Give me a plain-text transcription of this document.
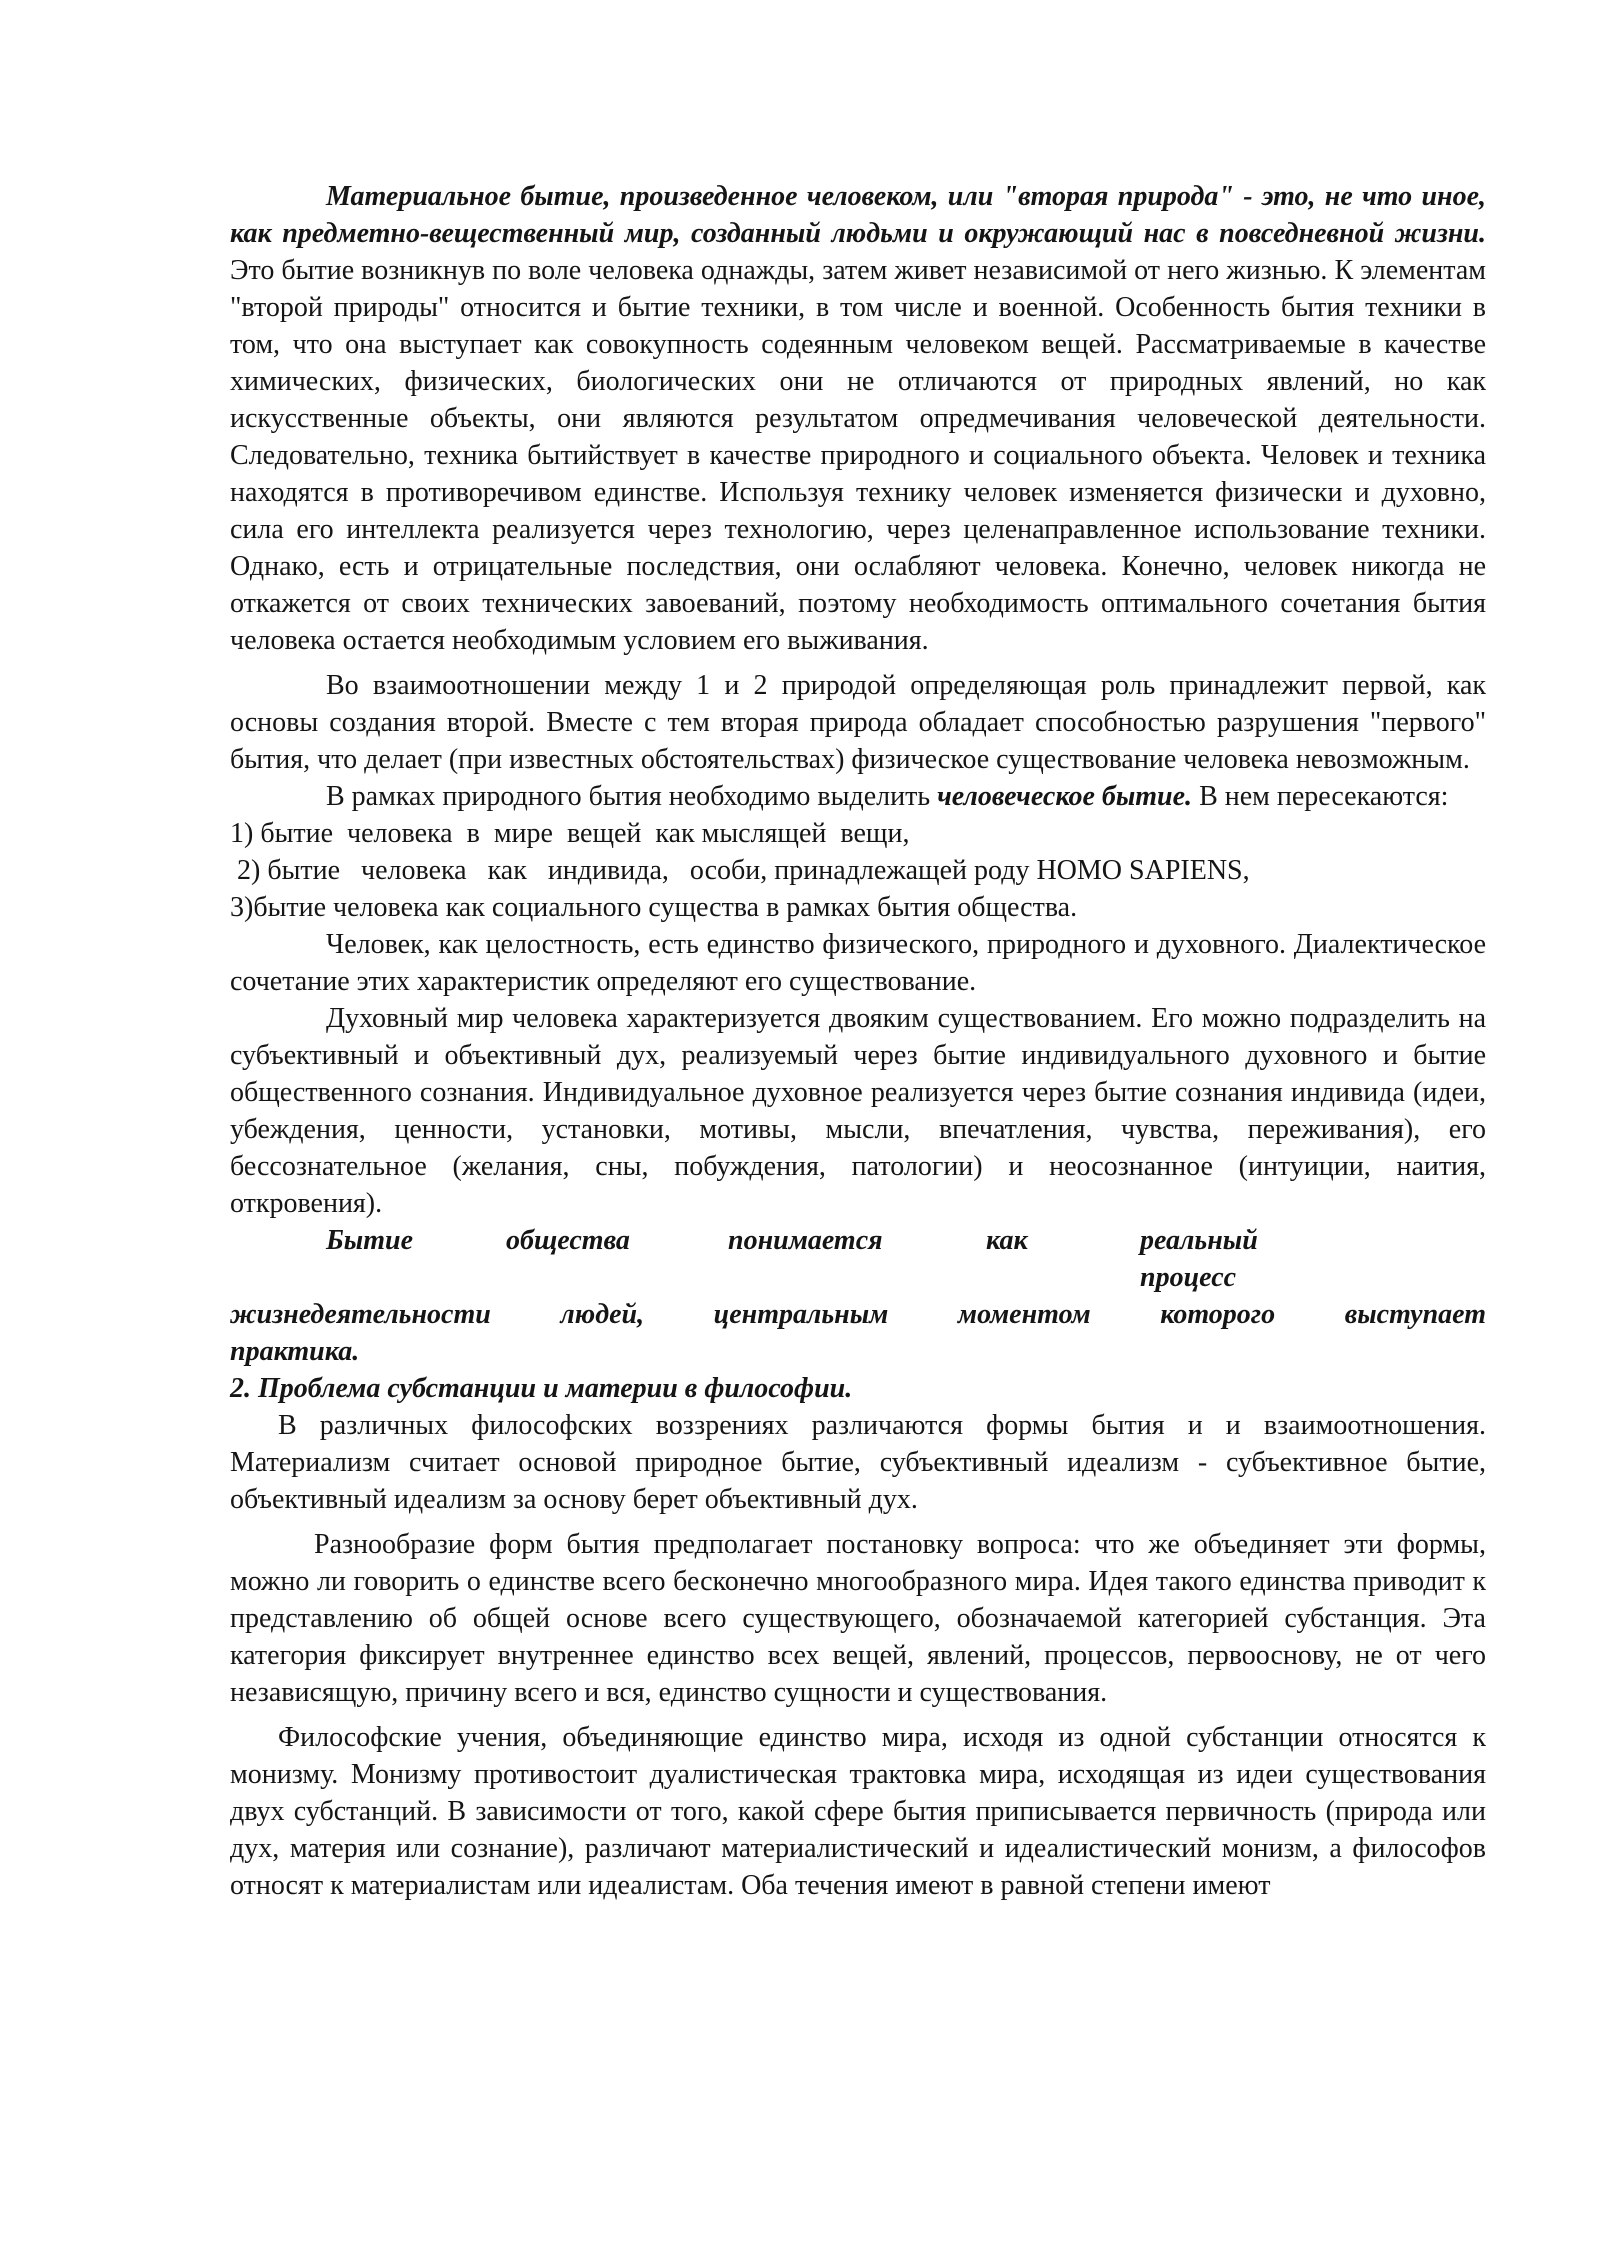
Материальное бытие, произведенное человеком, или "вторая природа" - это, не что иное, как предметно-вещественный мир, созданный людьми и окружающий нас в повседневной жизни. Это бытие возникнув по воле человека однажды, затем живет независимой от него жизнью. К элементам "второй природы" относится и бытие техники, в том числе и военной. Особенность бытия техники в том, что она выступает как совокупность содеянным человеком вещей. Рассматриваемые в качестве химических, физических, биологических они не отличаются от природных явлений, но как искусственные объекты, они являются результатом опредмечивания человеческой деятельности. Следовательно, техника бытийствует в качестве природного и социального объекта. Человек и техника находятся в противоречивом единстве. Используя технику человек изменяется физически и духовно, сила его интеллекта реализуется через технологию, через целенаправленное использование техники. Однако, есть и отрицательные последствия, они ослабляют человека. Конечно, человек никогда не откажется от своих технических завоеваний, поэтому необходимость оптимального сочетания бытия человека остается необходимым условием его выживания.

Во взаимоотношении между 1 и 2 природой определяющая роль принадлежит первой, как основы создания второй. Вместе с тем вторая природа обладает способностью разрушения "первого" бытия, что делает (при известных обстоятельствах) физическое существование человека невозможным.

В рамках природного бытия необходимо выделить человеческое бытие. В нем пересекаются:

1) бытие  человека  в  мире  вещей  как мыслящей  вещи,

2) бытие   человека   как   индивида,   особи, принадлежащей роду HOMO SAPIENS,

3)бытие человека как социального существа в рамках бытия общества.

Человек, как целостность, есть единство физического, природного и духовного. Диалектическое сочетание этих характеристик определяют его существование.

Духовный мир человека характеризуется двояким существованием. Его можно подразделить на субъективный и объективный дух, реализуемый через бытие индивидуального духовного и бытие общественного сознания. Индивидуальное духовное реализуется через бытие сознания индивида (идеи, убеждения, ценности, установки, мотивы, мысли, впечатления, чувства, переживания), его бессознательное (желания, сны, побуждения, патологии) и неосознанное (интуиции, наития, откровения).

Бытие	общества	понимается	как	реальный
процесс
жизнедеятельности людей, центральным моментом которого выступает
практика.

2. Проблема субстанции и материи в философии.

В различных философских воззрениях различаются формы бытия и и взаимоотношения. Материализм считает основой природное бытие, субъективный идеализм - субъективное бытие, объективный идеализм за основу берет объективный дух.

Разнообразие форм бытия предполагает постановку вопроса: что же объединяет эти формы, можно ли говорить о единстве всего бесконечно многообразного мира. Идея такого единства приводит к представлению об общей основе всего существующего, обозначаемой категорией субстанция. Эта категория фиксирует внутреннее единство всех вещей, явлений, процессов, первооснову, не от чего независящую, причину всего и вся, единство сущности и существования.

Философские учения, объединяющие единство мира, исходя из одной субстанции относятся к монизму. Монизму противостоит дуалистическая трактовка мира, исходящая из идеи существования двух субстанций. В зависимости от того, какой сфере бытия приписывается первичность (природа или дух, материя или сознание), различают материалистический и идеалистический монизм, а философов относят к материалистам или идеалистам. Оба течения имеют в равной степени имеют
